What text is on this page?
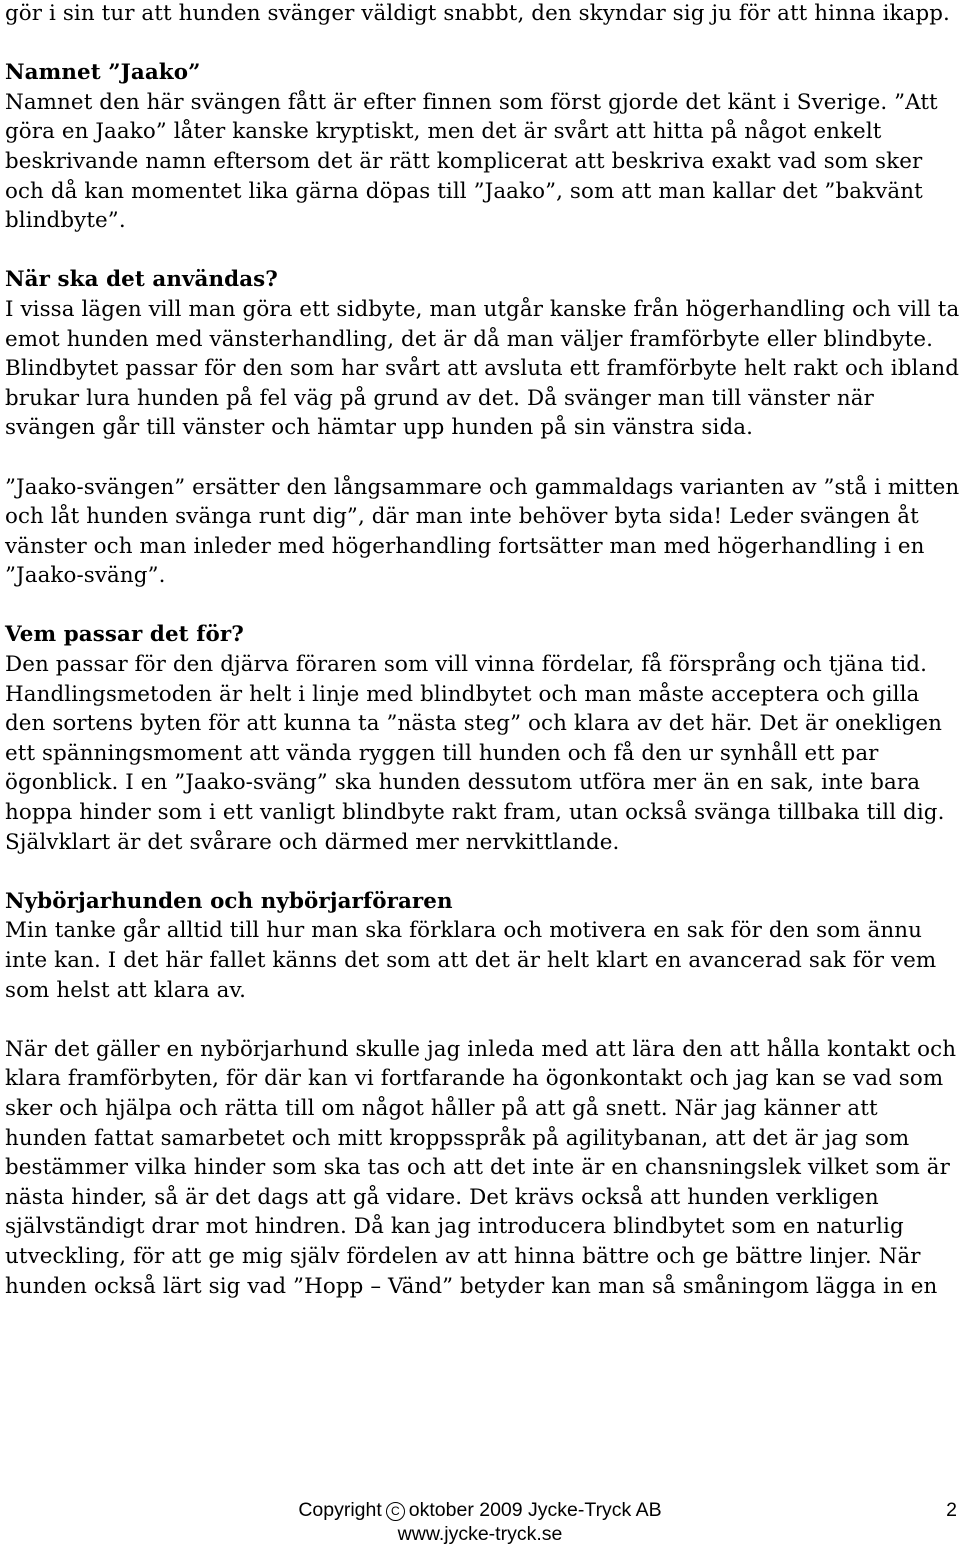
gör i sin tur att hunden svänger väldigt snabbt, den skyndar sig ju för att hinna ikapp.

Namnet ”Jaako”

Namnet den här svängen fått är efter finnen som först gjorde det känt i Sverige. ”Att göra en Jaako” låter kanske kryptiskt, men det är svårt att hitta på något enkelt beskrivande namn eftersom det är rätt komplicerat att beskriva exakt vad som sker och då kan momentet lika gärna döpas till ”Jaako”, som att man kallar det ”bakvänt blindbyte”.

När ska det användas?

I vissa lägen vill man göra ett sidbyte, man utgår kanske från högerhandling och vill ta emot hunden med vänsterhandling, det är då man väljer framförbyte eller blindbyte. Blindbytet passar för den som har svårt att avsluta ett framförbyte helt rakt och ibland brukar lura hunden på fel väg på grund av det. Då svänger man till vänster när svängen går till vänster och hämtar upp hunden på sin vänstra sida.

”Jaako-svängen” ersätter den långsammare och gammaldags varianten av ”stå i mitten och låt hunden svänga runt dig”, där man inte behöver byta sida! Leder svängen åt vänster och man inleder med högerhandling fortsätter man med högerhandling i en ”Jaako-sväng”.

Vem passar det för?

Den passar för den djärva föraren som vill vinna fördelar, få försprång och tjäna tid. Handlingsmetoden är helt i linje med blindbytet och man måste acceptera och gilla den sortens byten för att kunna ta ”nästa steg” och klara av det här. Det är onekligen ett spänningsmoment att vända ryggen till hunden och få den ur synhåll ett par ögonblick. I en ”Jaako-sväng” ska hunden dessutom utföra mer än en sak, inte bara hoppa hinder som i ett vanligt blindbyte rakt fram, utan också svänga tillbaka till dig. Självklart är det svårare och därmed mer nervkittlande.

Nybörjarhunden och nybörjarföraren

Min tanke går alltid till hur man ska förklara och motivera en sak för den som ännu inte kan. I det här fallet känns det som att det är helt klart en avancerad sak för vem som helst att klara av.

När det gäller en nybörjarhund skulle jag inleda med att lära den att hålla kontakt och klara framförbyten, för där kan vi fortfarande ha ögonkontakt och jag kan se vad som sker och hjälpa och rätta till om något håller på att gå snett. När jag känner att hunden fattat samarbetet och mitt kroppsspråk på agilitybanan, att det är jag som bestämmer vilka hinder som ska tas och att det inte är en chansningslek vilket som är nästa hinder, så är det dags att gå vidare. Det krävs också att hunden verkligen självständigt drar mot hindren. Då kan jag introducera blindbytet som en naturlig utveckling, för att ge mig själv fördelen av att hinna bättre och ge bättre linjer. När hunden också lärt sig vad ”Hopp – Vänd” betyder kan man så småningom lägga in en

Copyright C oktober 2009 Jycke-Tryck AB
www.jycke-tryck.se
2
